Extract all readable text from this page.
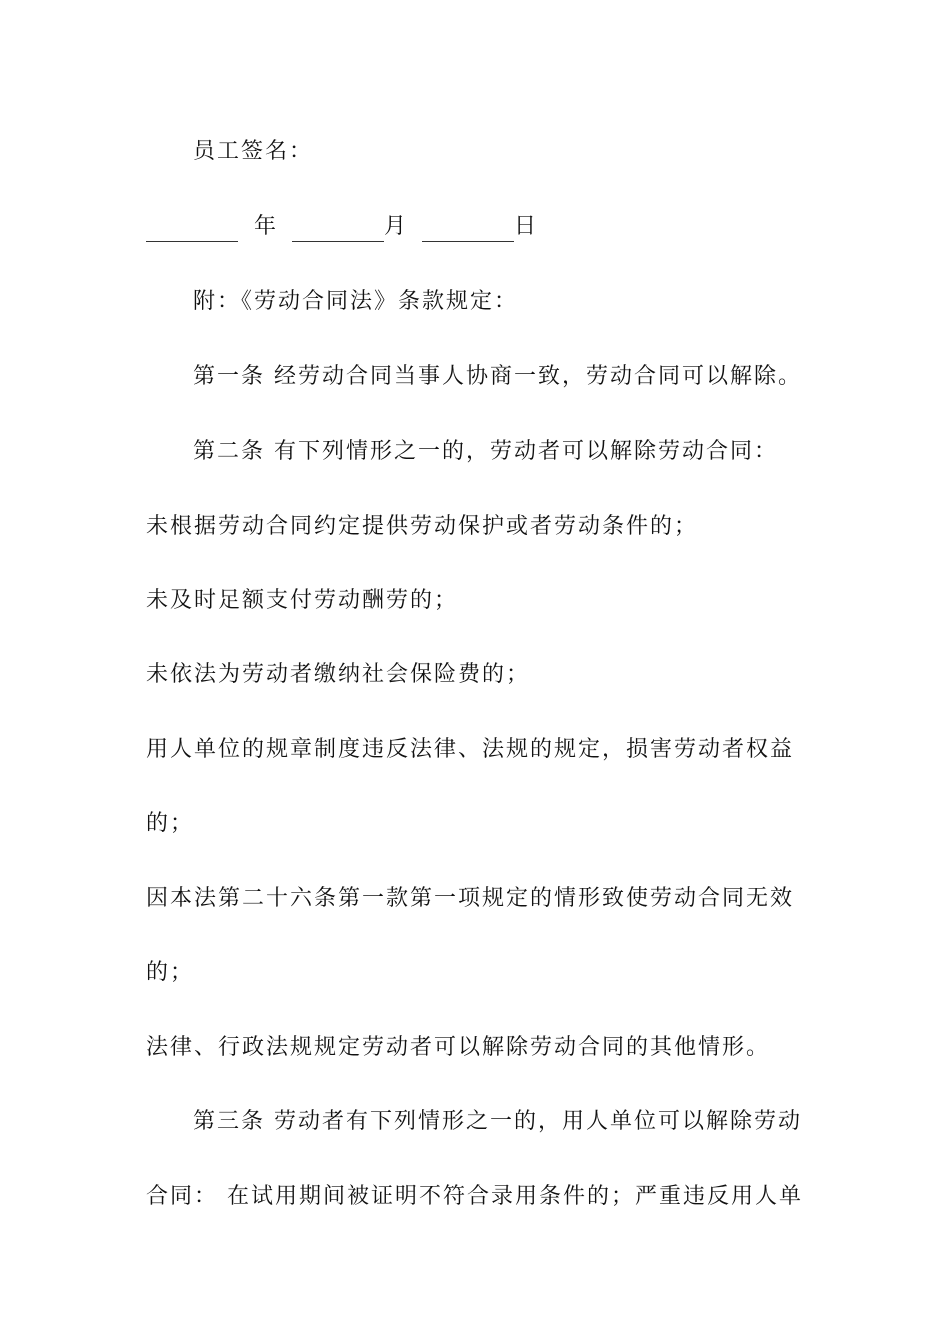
员工签名：
年	月	日
附：《劳动合同法》条款规定：
第一条 经劳动合同当事人协商一致，劳动合同可以解除。
第二条 有下列情形之一的，劳动者可以解除劳动合同：
未根据劳动合同约定提供劳动保护或者劳动条件的；
未及时足额支付劳动酬劳的；
未依法为劳动者缴纳社会保险费的；
用人单位的规章制度违反法律、法规的规定，损害劳动者权益
的；
因本法第二十六条第一款第一项规定的情形致使劳动合同无效
的；
法律、行政法规规定劳动者可以解除劳动合同的其他情形。
第三条 劳动者有下列情形之一的，用人单位可以解除劳动
合同： 在试用期间被证明不符合录用条件的；严重违反用人单
